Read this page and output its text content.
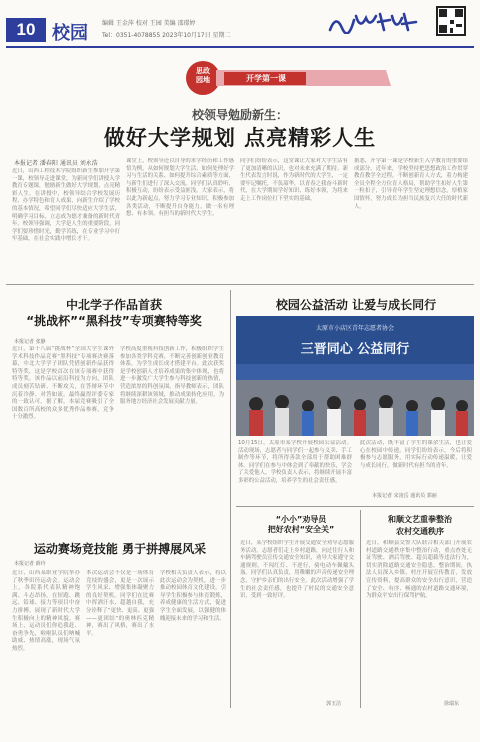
10 校园 编辑 王金萍 校对 王园 美编 邵璟婷
Tel：0351-4078855 2023年10月17日 星期二
思政
园地	开学第一课
校领导勉励新生：
做好大学规划 点亮精彩人生
本报记者 潘春阳 通讯员 刘永浩
近日，山西工程技术学院组织新生参加开学第一课，校领导走进课堂，为新同学们讲授入学教育专题课，勉励新生做好大学规划，点亮精彩人生。在讲授中，校领导结合学校发展历程、办学特色和育人成果，向新生介绍了学校的基本情况，希望同学们尽快适应大学生活，明确学习目标，立志成为德才兼备的新时代青年。校领导强调，大学是人生的重要阶段，同学们要珍惜时光，勤学苦练，在专业学习中打牢基础，在社会实践中增长才干。
课堂上，校领导还以自身的求学经历和工作感悟为例，从如何规划大学生活、如何处理好学习与生活的关系、如何提升综合素质等方面，与新生们进行了深入交流。同学们认真聆听，积极互动，纷纷表示受益匪浅。大家表示，将以此为新起点，努力学习专业知识，积极参加各类活动，不断提升自身能力，做一名有理想、有本领、有担当的新时代大学生。
同学们纷纷表示，这堂课让大家对大学生活有了更加清晰的认识，也对未来充满了期待。新生代表发言时说，作为新时代的大学生，一定要牢记嘱托，不负韶华，以青春之我奋斗新时代，在大学期间学好知识、练好本领，为将来走上工作岗位打下坚实的基础。
据悉，开学第一课是学校新生入学教育的重要组成部分。近年来，学校坚持把思想政治工作贯穿教育教学全过程，不断创新育人方式，着力构建全员全程全方位育人格局，帮助学生扣好人生第一粒扣子，引导青年学生坚定理想信念，厚植家国情怀，努力成长为担当民族复兴大任的时代新人。
中北学子作品首获
“挑战杯”“黑科技”专项赛特等奖
本报记者 张静
近日，第十八届“挑战杯”全国大学生课外学术科技作品竞赛“黑科技”专项赛决赛落幕，中北大学学子团队凭借创新作品获得特等奖，这是学校首次在该专项赛中获得特等奖。该作品以前沿科技为方向，团队成员刻苦钻研、不断攻关，在答辩环节中沉着冷静、对答如流，最终赢得评委专家的一致认可。据了解，本届竞赛吸引了全国数百所高校的众多优秀作品参赛，竞争十分激烈。
学校高度重视科技创新工作，积极组织学生参加各类学科竞赛，不断完善创新创业教育体系，为学生成长成才搭建平台。此次获奖是学校创新人才培养成果的集中体现，也将进一步激发广大学生参与科技创新的热情，营造浓厚的科创氛围。指导教师表示，团队将继续深耕该领域，推动成果转化应用，为服务地方经济社会发展贡献力量。
校园公益活动 让爱与成长同行
太原市小店区青年志愿者协会
三晋同心 公益同行
10月15日，太原市某学校开展校园公益活动。活动现场，志愿者与同学们一起参与义卖、手工制作等环节，将所得善款全部用于帮助困难群体。同学们在参与中体会到了奉献的快乐，学会了关爱他人。学校负责人表示，将继续开展丰富多彩的公益活动，培养学生的社会责任感。
此次活动，既丰富了学生的课余生活，也让爱心在校园中传递。同学们纷纷表示，今后将积极参与志愿服务，用实际行动传递温暖，让爱与成长同行，做新时代有担当的青年。
本报记者 宋凌岳 通讯员 郭丽
运动赛场竞技能 勇于拼搏展风采
本报记者 薛玲
近日，山西某职业学院举办了秋季田径运动会。运动会上，各院系代表队精神饱满、斗志昂扬，在短跑、跳远、铅球、接力等项目中奋力拼搏，展现了新时代大学生积极向上的精神风貌。赛场上，运动员们你追我赶、奋勇争先，啦啦队员们呐喊助威、热情高涨，现场气氛热烈。
本次运动会不仅是一场体育竞技的盛会，更是一次展示学生风采、增强集体凝聚力的良好契机。同学们在比赛中挥洒汗水、超越自我，充分诠释了“更快、更高、更强——更团结”的奥林匹克精神，赛出了风格，赛出了水平。
学校相关负责人表示，将以此次运动会为契机，进一步推动校园体育文化建设，引导学生积极参与体育锻炼，养成健康的生活方式，促进学生全面发展，以强健的体魄迎接未来的学习和生活。
“小小”劝导员
把好农村“安全关”
近日，某学校组织学生开展交通安全劝导志愿服务活动。志愿者们走上乡村道路，向过往行人和车辆驾驶员宣传交通安全知识，劝导大家遵守交通规则，不闯红灯、不逆行，骑电动车佩戴头盔。同学们认真负责，用稚嫩的声音传递安全理念，守护乡亲们的出行安全。此次活动增强了学生的社会责任感，也提升了村民的交通安全意识，受到一致好评。
郭玉洁
和顺文艺重拳整治
农村交通秩序
近日，和顺县交警大队联合相关部门开展农村道路交通秩序集中整治行动，重点查处无证驾驶、酒后驾驶、超员超载等违法行为，切实消除道路交通安全隐患。整治期间，执法人员深入乡镇、村庄开展宣传教育，发放宣传资料，提高群众的安全出行意识，营造了安全、有序、畅通的农村道路交通环境，为群众平安出行保驾护航。
徐瑞东
